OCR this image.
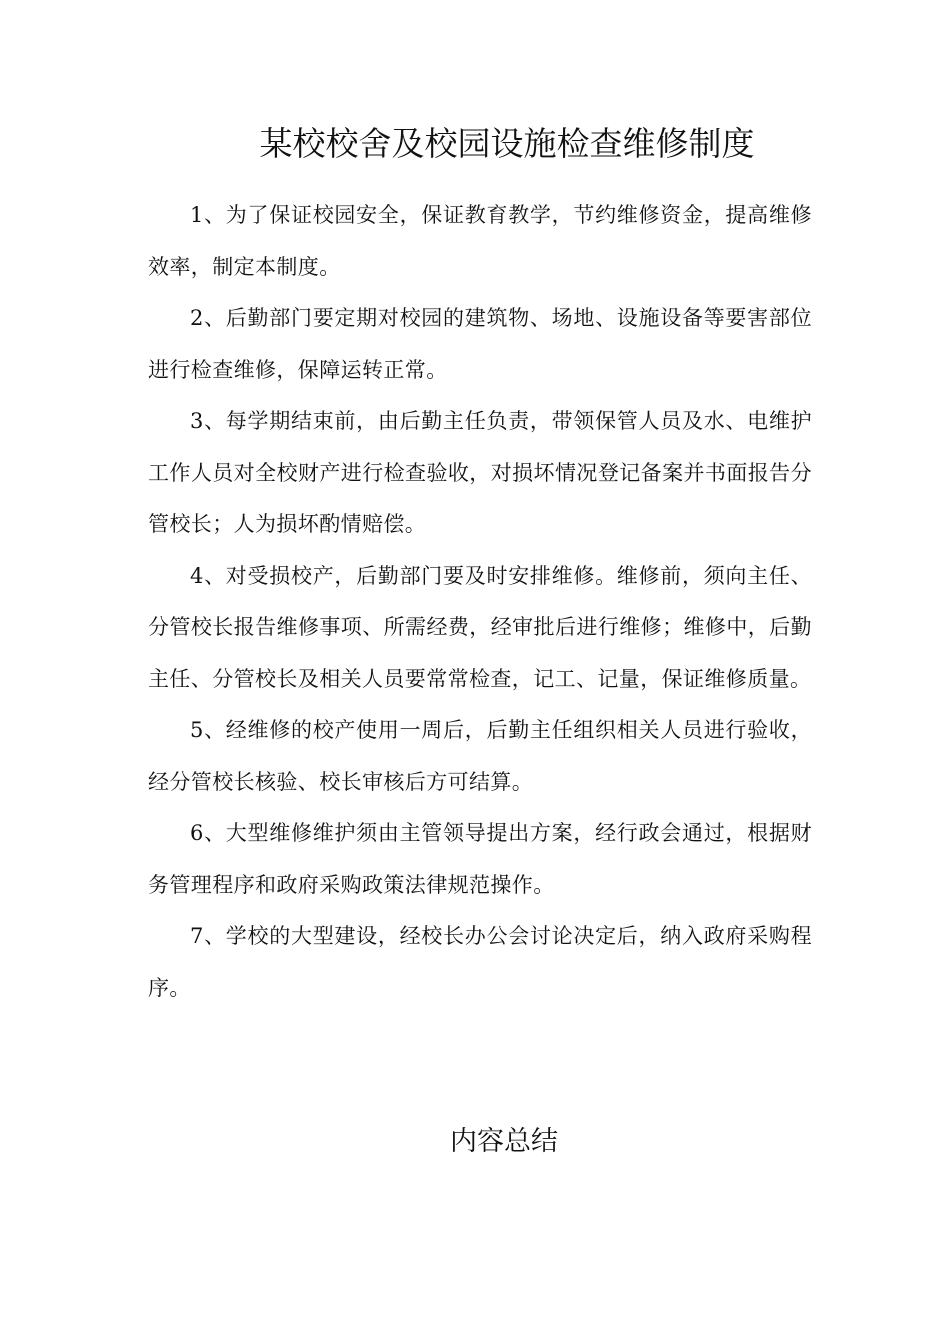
某校校舍及校园设施检查维修制度

1、为了保证校园安全，保证教育教学，节约维修资金，提高维修效率，制定本制度。

2、后勤部门要定期对校园的建筑物、场地、设施设备等要害部位进行检查维修，保障运转正常。

3、每学期结束前，由后勤主任负责，带领保管人员及水、电维护工作人员对全校财产进行检查验收，对损坏情况登记备案并书面报告分管校长；人为损坏酌情赔偿。

4、对受损校产，后勤部门要及时安排维修。维修前，须向主任、分管校长报告维修事项、所需经费，经审批后进行维修；维修中，后勤主任、分管校长及相关人员要常常检查，记工、记量，保证维修质量。

5、经维修的校产使用一周后，后勤主任组织相关人员进行验收，经分管校长核验、校长审核后方可结算。

6、大型维修维护须由主管领导提出方案，经行政会通过，根据财务管理程序和政府采购政策法律规范操作。

7、学校的大型建设，经校长办公会讨论决定后，纳入政府采购程序。

内容总结
